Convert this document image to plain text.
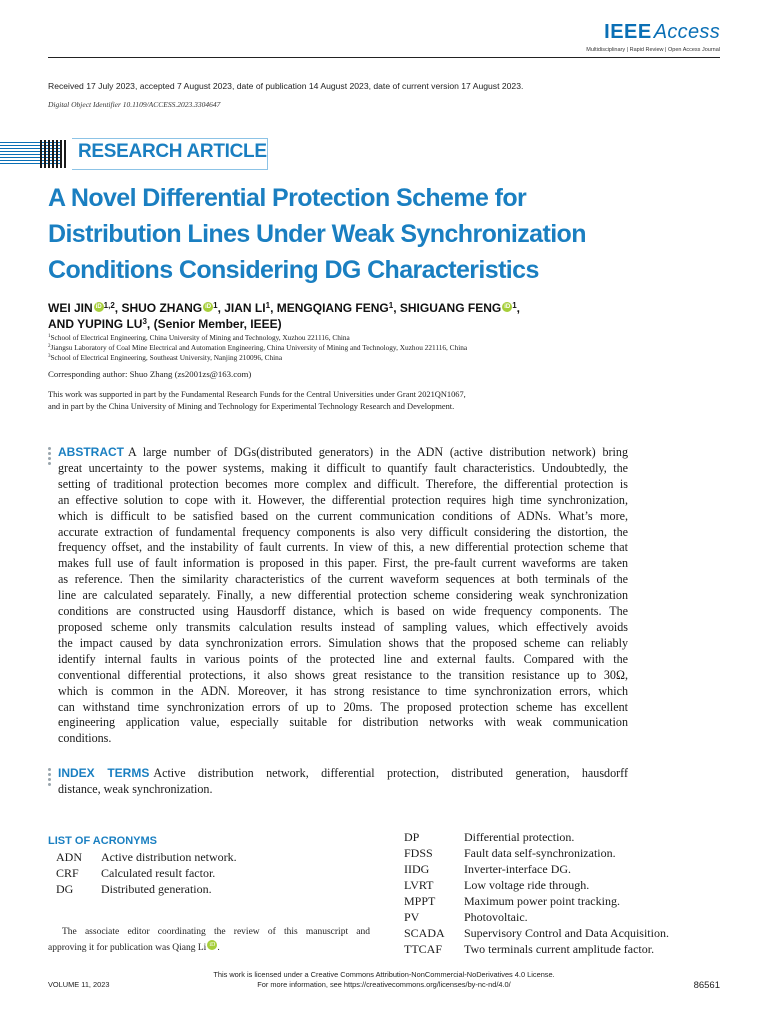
IEEE Access
Multidisciplinary | Rapid Review | Open Access Journal
Received 17 July 2023, accepted 7 August 2023, date of publication 14 August 2023, date of current version 17 August 2023.
Digital Object Identifier 10.1109/ACCESS.2023.3304647
RESEARCH ARTICLE
A Novel Differential Protection Scheme for
Distribution Lines Under Weak Synchronization
Conditions Considering DG Characteristics
WEI JIN iD $^{1,2}$, SHUO ZHANG iD $^1$, JIAN $LI^1$, MENGQIANG FENG$^1$, SHIGUANG FENG iD $^1$,
AND YUPING $LU^3$, (Senior Member, IEEE)
$^1$School of Electrical Engineering, China University of Mining and Technology, Xuzhou 221116, China
$^2$Jiangsu Laboratory of Coal Mine Electrical and Automation Engineering, China University of Mining and Technology, Xuzhou 221116, China
$^3$School of Electrical Engineering, Southeast University, Nanjing 210096, China
Corresponding author: Shuo Zhang (zs2001zs@163.com)
This work was supported in part by the Fundamental Research Funds for the Central Universities under Grant 2021QN1067,
and in part by the China University of Mining and Technology for Experimental Technology Research and Development.
ABSTRACT A large number of DGs(distributed generators) in the ADN (active distribution network) bring
great uncertainty to the power systems, making it difficult to quantify fault characteristics. Undoubtedly, the
setting of traditional protection becomes more complex and difficult. Therefore, the differential protection is
an effective solution to cope with it. However, the differential protection requires high time synchronization,
which is difficult to be satisfied based on the current communication conditions of ADNs. What’s more,
accurate extraction of fundamental frequency components is also very difficult considering the distortion, the
frequency offset, and the instability of fault currents. In view of this, a new differential protection scheme that
makes full use of fault information is proposed in this paper. First, the pre-fault current waveforms are taken
as reference. Then the similarity characteristics of the current waveform sequences at both terminals of the
line are calculated separately. Finally, a new differential protection scheme considering weak synchronization
conditions are constructed using Hausdorff distance, which is based on wide frequency components. The
proposed scheme only transmits calculation results instead of sampling values, which effectively avoids
the impact caused by data synchronization errors. Simulation shows that the proposed scheme can reliably
identify internal faults in various points of the protected line and external faults. Compared with the
conventional differential protections, it also shows great resistance to the transition resistance up to 30Ω,
which is common in the ADN. Moreover, it has strong resistance to time synchronization errors, which
can withstand time synchronization errors of up to 20ms. The proposed protection scheme has excellent
engineering application value, especially suitable for distribution networks with weak communication
conditions.
INDEX TERMS Active distribution network, differential protection, distributed generation, hausdorff
distance, weak synchronization.
LIST OF ACRONYMS
ADN	Active distribution network.
CRF	Calculated result factor.
DG	Distributed generation.
DP	Differential protection.
FDSS	Fault data self-synchronization.
IIDG	Inverter-interface DG.
LVRT	Low voltage ride through.
MPPT	Maximum power point tracking.
PV	Photovoltaic.
SCADA	Supervisory Control and Data Acquisition.
TTCAF	Two terminals current amplitude factor.
The associate editor coordinating the review of this manuscript and
approving it for publication was Qiang Li iD .
This work is licensed under a Creative Commons Attribution-NonCommercial-NoDerivatives 4.0 License.
For more information, see https://creativecommons.org/licenses/by-nc-nd/4.0/
VOLUME 11, 2023	86561
